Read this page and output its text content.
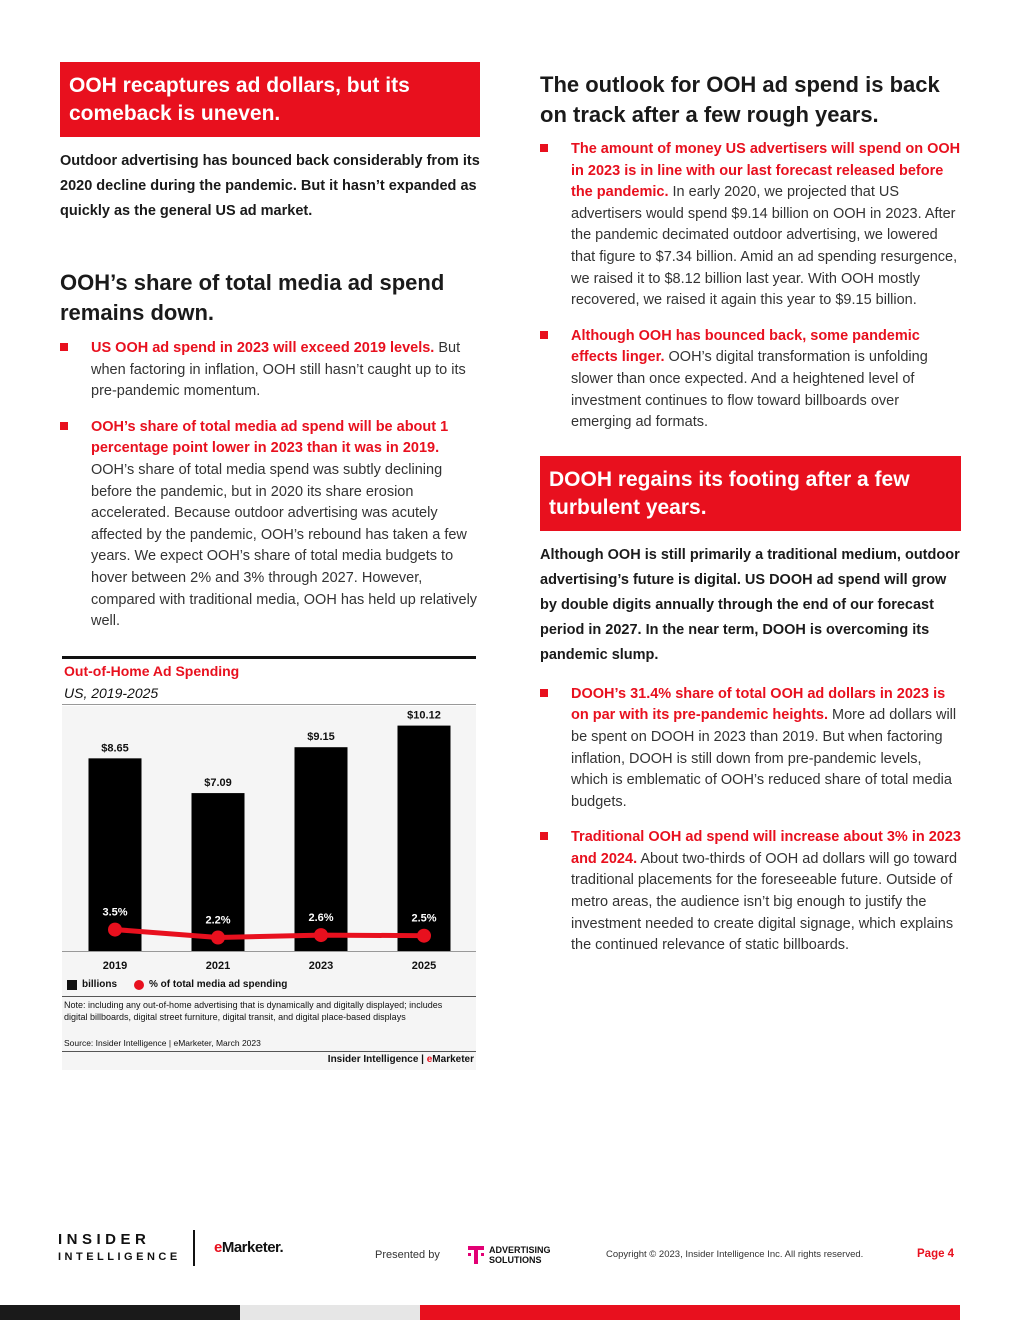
OOH recaptures ad dollars, but its comeback is uneven.

Outdoor advertising has bounced back considerably from its 2020 decline during the pandemic. But it hasn’t expanded as quickly as the general US ad market.

OOH’s share of total media ad spend remains down.
US OOH ad spend in 2023 will exceed 2019 levels. But when factoring in inflation, OOH still hasn’t caught up to its pre-pandemic momentum.
OOH’s share of total media ad spend will be about 1 percentage point lower in 2023 than it was in 2019. OOH’s share of total media spend was subtly declining before the pandemic, but in 2020 its share erosion accelerated. Because outdoor advertising was acutely affected by the pandemic, OOH’s rebound has taken a few years. We expect OOH’s share of total media budgets to hover between 2% and 3% through 2027. However, compared with traditional media, OOH has held up relatively well.
Out-of-Home Ad Spending
US, 2019-2025
$8.65
2019
$7.09
2021
$9.15
2023
$10.12
2025
3.5%
2.2%	2.6%	2.5%
billions	% of total media ad spending
Note: including any out-of-home advertising that is dynamically and digitally displayed; includes digital billboards, digital street furniture, digital transit, and digital place-based displays
Source: Insider Intelligence | eMarketer, March 2023
Insider Intelligence | eMarketer
The outlook for OOH ad spend is back on track after a few rough years.
The amount of money US advertisers will spend on OOH in 2023 is in line with our last forecast released before the pandemic. In early 2020, we projected that US advertisers would spend $9.14 billion on OOH in 2023. After the pandemic decimated outdoor advertising, we lowered that figure to $7.34 billion. Amid an ad spending resurgence, we raised it to $8.12 billion last year. With OOH mostly recovered, we raised it again this year to $9.15 billion.
Although OOH has bounced back, some pandemic effects linger. OOH’s digital transformation is unfolding slower than once expected. And a heightened level of investment continues to flow toward billboards over emerging ad formats.
DOOH regains its footing after a few turbulent years.

Although OOH is still primarily a traditional medium, outdoor advertising’s future is digital. US DOOH ad spend will grow by double digits annually through the end of our forecast period in 2027. In the near term, DOOH is overcoming its pandemic slump.

DOOH’s 31.4% share of total OOH ad dollars in 2023 is on par with its pre-pandemic heights. More ad dollars will be spent on DOOH in 2023 than 2019. But when factoring inflation, DOOH is still down from pre-pandemic levels, which is emblematic of OOH’s reduced share of total media budgets.
Traditional OOH ad spend will increase about 3% in 2023 and 2024. About two-thirds of OOH ad dollars will go toward traditional placements for the foreseeable future. Outside of metro areas, the audience isn’t big enough to justify the investment needed to create digital signage, which explains the continued relevance of static billboards.
INSIDER
INTELLIGENCE
eMarketer.	Presented by	ADVERTISING
SOLUTIONS	Copyright © 2023, Insider Intelligence Inc. All rights reserved.	Page 4
